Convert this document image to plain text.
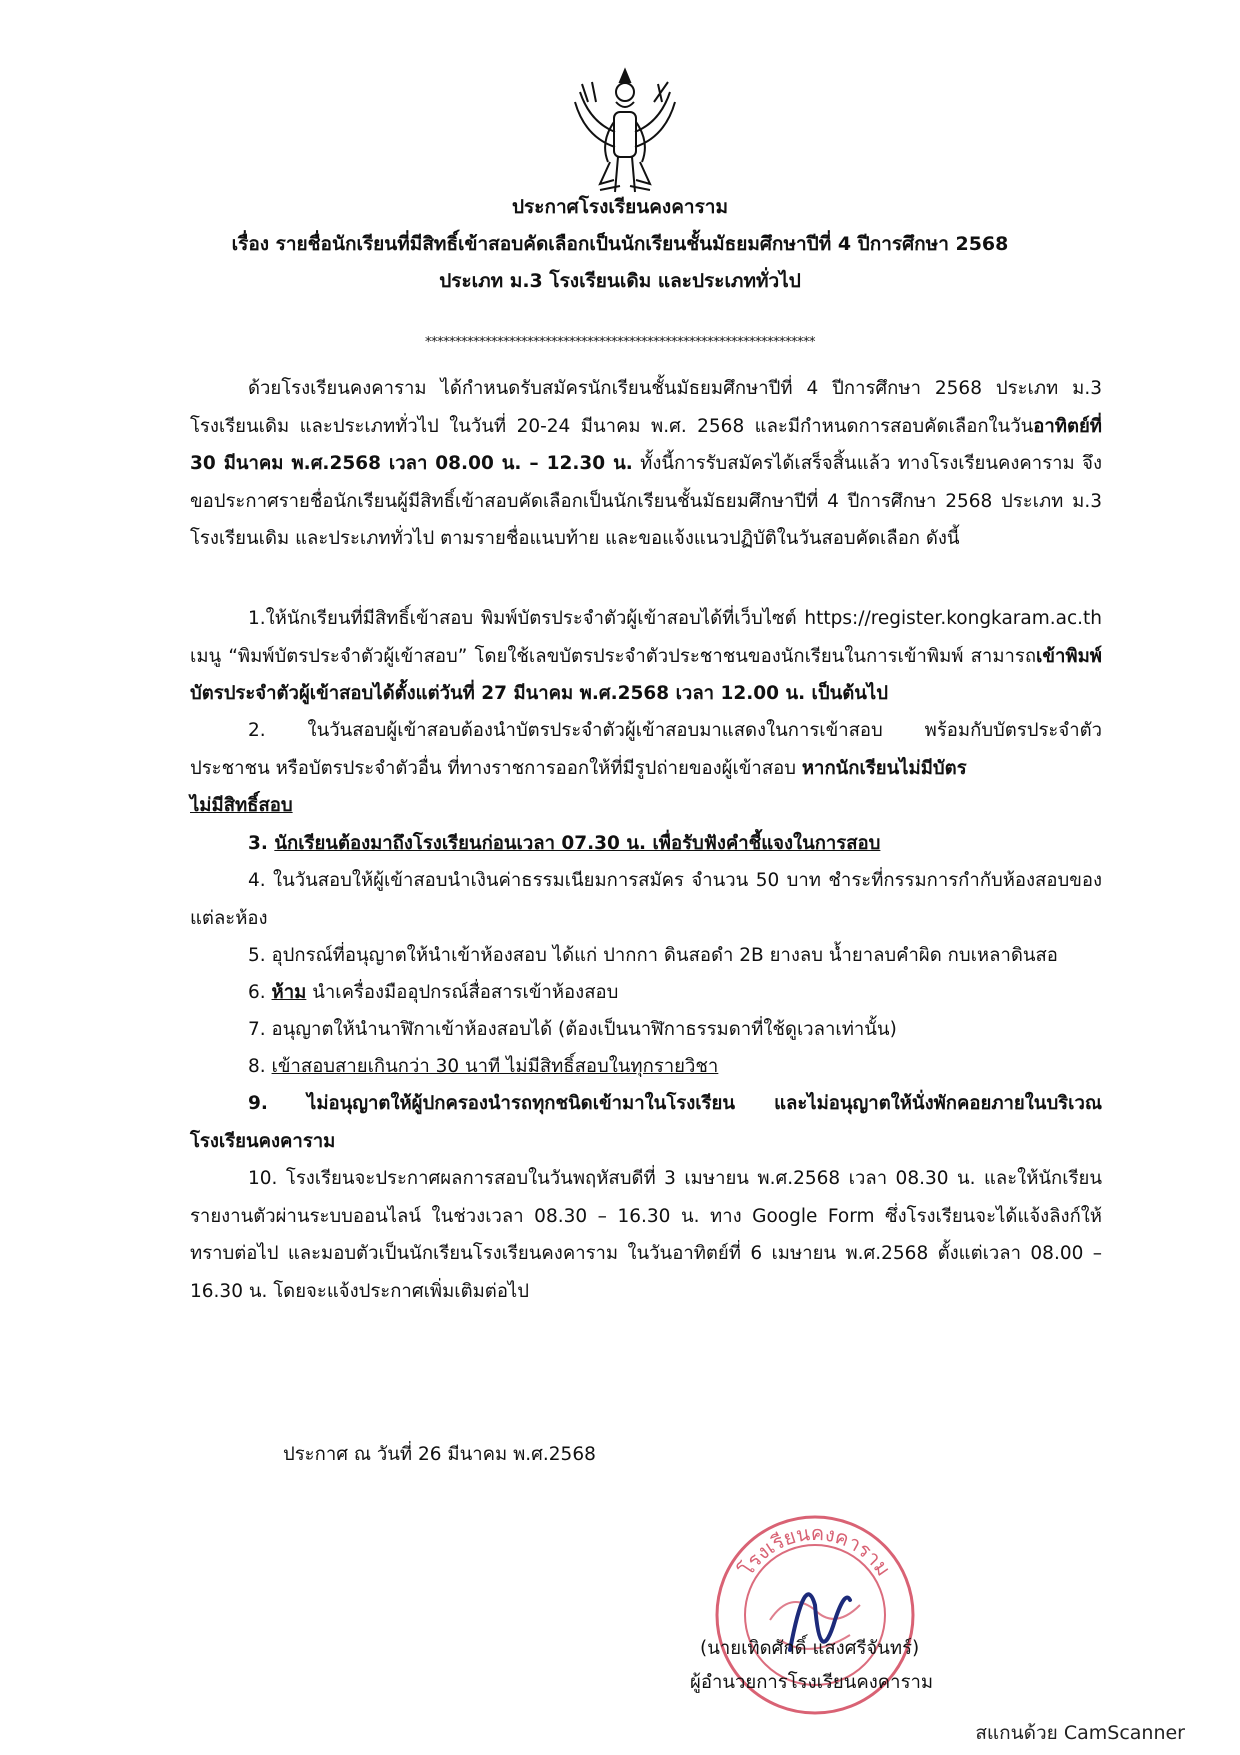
ประกาศโรงเรียนคงคาราม
เรื่อง รายชื่อนักเรียนที่มีสิทธิ์เข้าสอบคัดเลือกเป็นนักเรียนชั้นมัธยมศึกษาปีที่ 4 ปีการศึกษา 2568
ประเภท ม.3 โรงเรียนเดิม และประเภททั่วไป
*****************************************************************
ด้วยโรงเรียนคงคาราม ได้กำหนดรับสมัครนักเรียนชั้นมัธยมศึกษาปีที่ 4 ปีการศึกษา 2568 ประเภท ม.3 โรงเรียนเดิม และประเภททั่วไป ในวันที่ 20-24 มีนาคม พ.ศ. 2568 และมีกำหนดการสอบคัดเลือกในวันอาทิตย์ที่ 30 มีนาคม พ.ศ.2568 เวลา 08.00 น. – 12.30 น. ทั้งนี้การรับสมัครได้เสร็จสิ้นแล้ว ทางโรงเรียนคงคาราม จึงขอประกาศรายชื่อนักเรียนผู้มีสิทธิ์เข้าสอบคัดเลือกเป็นนักเรียนชั้นมัธยมศึกษาปีที่ 4 ปีการศึกษา 2568 ประเภท ม.3 โรงเรียนเดิม และประเภททั่วไป ตามรายชื่อแนบท้าย และขอแจ้งแนวปฏิบัติในวันสอบคัดเลือก ดังนี้
1.ให้นักเรียนที่มีสิทธิ์เข้าสอบ พิมพ์บัตรประจำตัวผู้เข้าสอบได้ที่เว็บไซต์ https://register.kongkaram.ac.th เมนู “พิมพ์บัตรประจำตัวผู้เข้าสอบ” โดยใช้เลขบัตรประจำตัวประชาชนของนักเรียนในการเข้าพิมพ์ สามารถเข้าพิมพ์บัตรประจำตัวผู้เข้าสอบได้ตั้งแต่วันที่ 27 มีนาคม พ.ศ.2568 เวลา 12.00 น. เป็นต้นไป
2. ในวันสอบผู้เข้าสอบต้องนำบัตรประจำตัวผู้เข้าสอบมาแสดงในการเข้าสอบ พร้อมกับบัตรประจำตัวประชาชน หรือบัตรประจำตัวอื่น ที่ทางราชการออกให้ที่มีรูปถ่ายของผู้เข้าสอบ หากนักเรียนไม่มีบัตร
ไม่มีสิทธิ์สอบ
3. นักเรียนต้องมาถึงโรงเรียนก่อนเวลา 07.30 น. เพื่อรับฟังคำชี้แจงในการสอบ
4. ในวันสอบให้ผู้เข้าสอบนำเงินค่าธรรมเนียมการสมัคร จำนวน 50 บาท ชำระที่กรรมการกำกับห้องสอบของแต่ละห้อง
5. อุปกรณ์ที่อนุญาตให้นำเข้าห้องสอบ ได้แก่ ปากกา ดินสอดำ 2B ยางลบ น้ำยาลบคำผิด กบเหลาดินสอ
6. ห้าม นำเครื่องมืออุปกรณ์สื่อสารเข้าห้องสอบ
7. อนุญาตให้นำนาฬิกาเข้าห้องสอบได้ (ต้องเป็นนาฬิกาธรรมดาที่ใช้ดูเวลาเท่านั้น)
8. เข้าสอบสายเกินกว่า 30 นาที ไม่มีสิทธิ์สอบในทุกรายวิชา
9. ไม่อนุญาตให้ผู้ปกครองนำรถทุกชนิดเข้ามาในโรงเรียน และไม่อนุญาตให้นั่งพักคอยภายในบริเวณโรงเรียนคงคาราม
10. โรงเรียนจะประกาศผลการสอบในวันพฤหัสบดีที่ 3 เมษายน พ.ศ.2568 เวลา 08.30 น. และให้นักเรียนรายงานตัวผ่านระบบออนไลน์ ในช่วงเวลา 08.30 – 16.30 น. ทาง Google Form ซึ่งโรงเรียนจะได้แจ้งลิงก์ให้ทราบต่อไป และมอบตัวเป็นนักเรียนโรงเรียนคงคาราม ในวันอาทิตย์ที่ 6 เมษายน พ.ศ.2568 ตั้งแต่เวลา 08.00 – 16.30 น. โดยจะแจ้งประกาศเพิ่มเติมต่อไป
ประกาศ ณ วันที่ 26 มีนาคม พ.ศ.2568
โรงเรียนคงคาราม
(นายเทิดศักดิ์ แสงศรีจันทร์)
ผู้อำนวยการโรงเรียนคงคาราม
สแกนด้วย CamScanner
